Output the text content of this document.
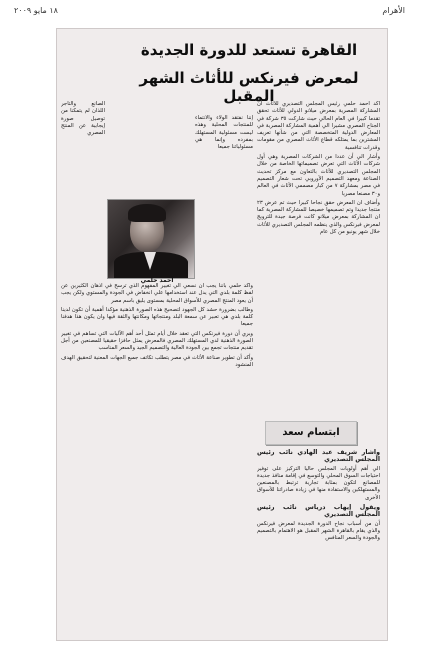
١٨ مايو ٢٠٠٩	الأهرام
القاهرة تستعد للدورة الجديدة
لمعرض فيرنكس للأثاث الشهر المقبل

أكد أحمد حلمي رئيس المجلس التصديري للأثاث أن المشاركة المصرية بمعرض ميلانو الدولي للأثاث تحقق تقدما كبيرا في العام الحالي حيث شاركت ٣٥ شركة في الجناح المصري مشيرا الي أهمية المشاركة المصرية في المعارض الدولية المتخصصة التي من شأنها تعريف المشترين بما يمتلكه قطاع الأثاث المصري من مقومات وقدرات تنافسية

وأشار الي أن عددا من الشركات المصرية وهي أول شركات الأثاث التي تعرض تصميماتها الخاصة من خلال المجلس التصديري للأثاث بالتعاون مع مركز تحديث الصناعة ومعهد التصميم الأوروبي تحت شعار التصميم في مصر بمشاركة ٧ من كبار مصممي الأثاث في العالم و٣٠ مصنعا مصريا

وأضاف ان المعرض حقق نجاحا كبيرا حيث تم عرض ٢٣ منتجا جديدا وتم تصميمها خصيصا للمشاركة المصرية كما ان المشاركة بمعرض ميلانو كانت فرصة جيدة للترويج لمعرض فيرنكس والذي ينظمه المجلس التصديري للأثاث خلال شهر يونيو من كل عام

ابتسام سعد

وأشار شريف عبد الهادي نائب رئيس المجلس التصديري

الي أهم أولويات المجلس حاليا التركيز على توفير احتياجات السوق المحلي والتوسع في إقامة منافذ جديدة للمصانع لتكون بمثابة تجارية ترتبط بالمصنعين والمستهلكين والاستفادة منها في زيادة صادراتنا للأسواق الأخرى

ويقول إيهاب درياس نائب رئيس المجلس التصديري

أن من أسباب نجاح الدورة الجديدة لمعرض فيرنكس والذي يقام بالقاهرة الشهر المقبل هو الاهتمام بالتصميم والجودة والسعر المنافس

إننا نفتقد الولاء والانتماء للمنتجات المحلية وهذه ليست مسئولية المستهلك بمفرده وإنما هي مسئولياتنا جميعا

الصانع والتاجر اللذان لم يتمكنا من توصيل صورة إيجابية عن المنتج المصري

أحمد حلمي

وأكد حلمي بأننا يجب ان نسعي الي تغيير المفهوم الذي ترسخ في أذهان الكثيرين عن لفظ كلمة بلدي التي يدل عند استخدامها علي انخفاض في الجودة والمستوي ولكن يجب أن يعود المنتج المصري للأسواق المحلية بمستوى يليق باسم مصر

وطالب بضرورة حشد كل الجهود لتصحيح هذه الصورة الذهنية مؤكدا أهمية أن تكون لدينا كلمة بلدي هي تعبير عن سمعة البلد ومنتجاتها ومكانتها والثقة فيها وان يكون هذا هدفنا جميعا

ويري أن دورة فيرنكس التي تعقد خلال أيام تمثل أحد أهم الآليات التي تساهم في تغيير الصورة الذهنية لدي المستهلك المصري فالمعرض يمثل حافزا حقيقيا للمصنعين من أجل تقديم منتجات تجمع بين الجودة العالية والتصميم الجيد والسعر المناسب

وأكد أن تطوير صناعة الأثاث في مصر يتطلب تكاتف جميع الجهات المعنية لتحقيق الهدف المنشود
